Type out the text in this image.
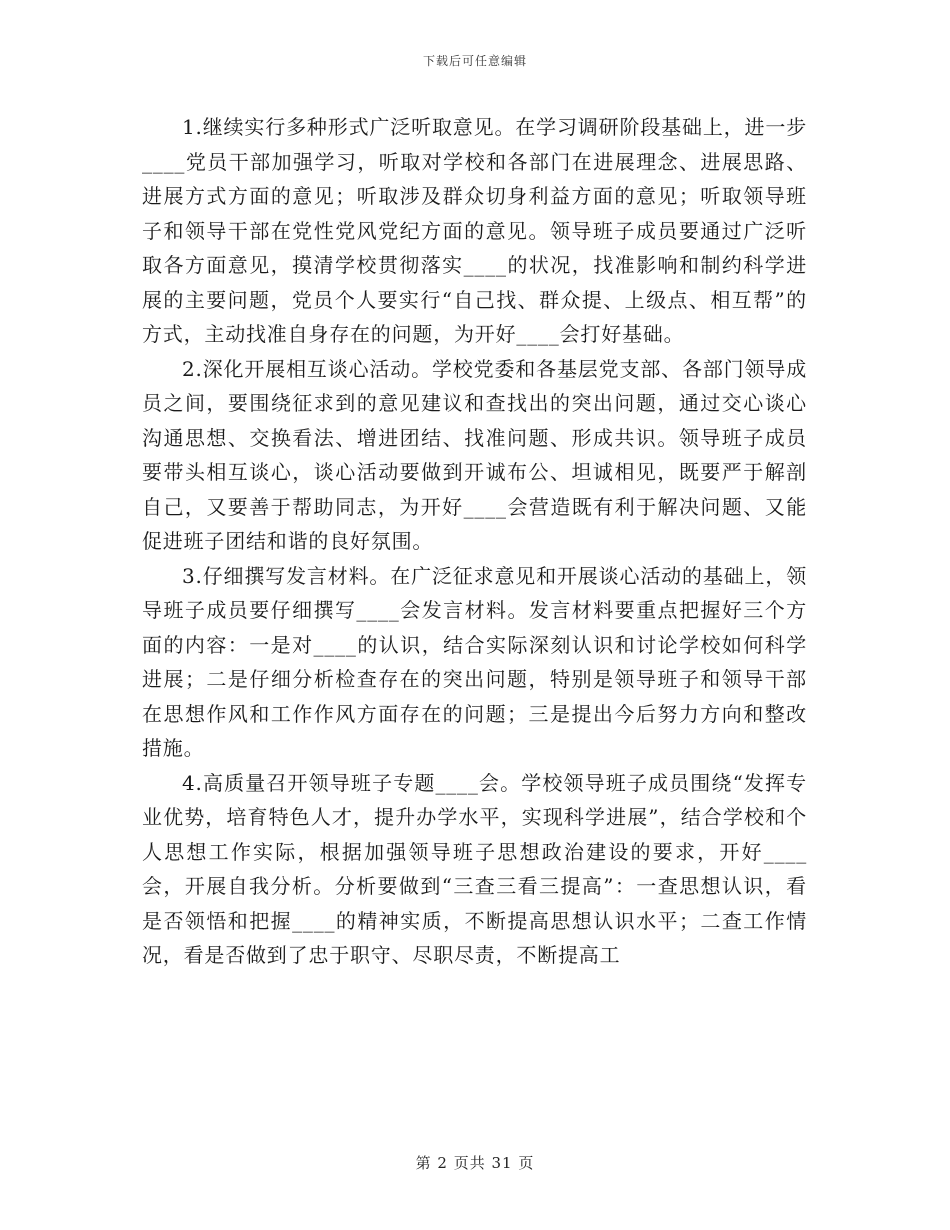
下载后可任意编辑

1.继续实行多种形式广泛听取意见。在学习调研阶段基础上，进一步____党员干部加强学习，听取对学校和各部门在进展理念、进展思路、进展方式方面的意见；听取涉及群众切身利益方面的意见；听取领导班子和领导干部在党性党风党纪方面的意见。领导班子成员要通过广泛听取各方面意见，摸清学校贯彻落实____的状况，找准影响和制约科学进展的主要问题，党员个人要实行“自己找、群众提、上级点、相互帮”的方式，主动找准自身存在的问题，为开好____会打好基础。

2.深化开展相互谈心活动。学校党委和各基层党支部、各部门领导成员之间，要围绕征求到的意见建议和查找出的突出问题，通过交心谈心沟通思想、交换看法、增进团结、找准问题、形成共识。领导班子成员要带头相互谈心，谈心活动要做到开诚布公、坦诚相见，既要严于解剖自己，又要善于帮助同志，为开好____会营造既有利于解决问题、又能促进班子团结和谐的良好氛围。

3.仔细撰写发言材料。在广泛征求意见和开展谈心活动的基础上，领导班子成员要仔细撰写____会发言材料。发言材料要重点把握好三个方面的内容：一是对____的认识，结合实际深刻认识和讨论学校如何科学进展；二是仔细分析检查存在的突出问题，特别是领导班子和领导干部在思想作风和工作作风方面存在的问题；三是提出今后努力方向和整改措施。

4.高质量召开领导班子专题____会。学校领导班子成员围绕“发挥专业优势，培育特色人才，提升办学水平，实现科学进展”，结合学校和个人思想工作实际，根据加强领导班子思想政治建设的要求，开好____会，开展自我分析。分析要做到“三查三看三提高”：一查思想认识，看是否领悟和把握____的精神实质，不断提高思想认识水平；二查工作情况，看是否做到了忠于职守、尽职尽责，不断提高工

第 2 页共 31 页
